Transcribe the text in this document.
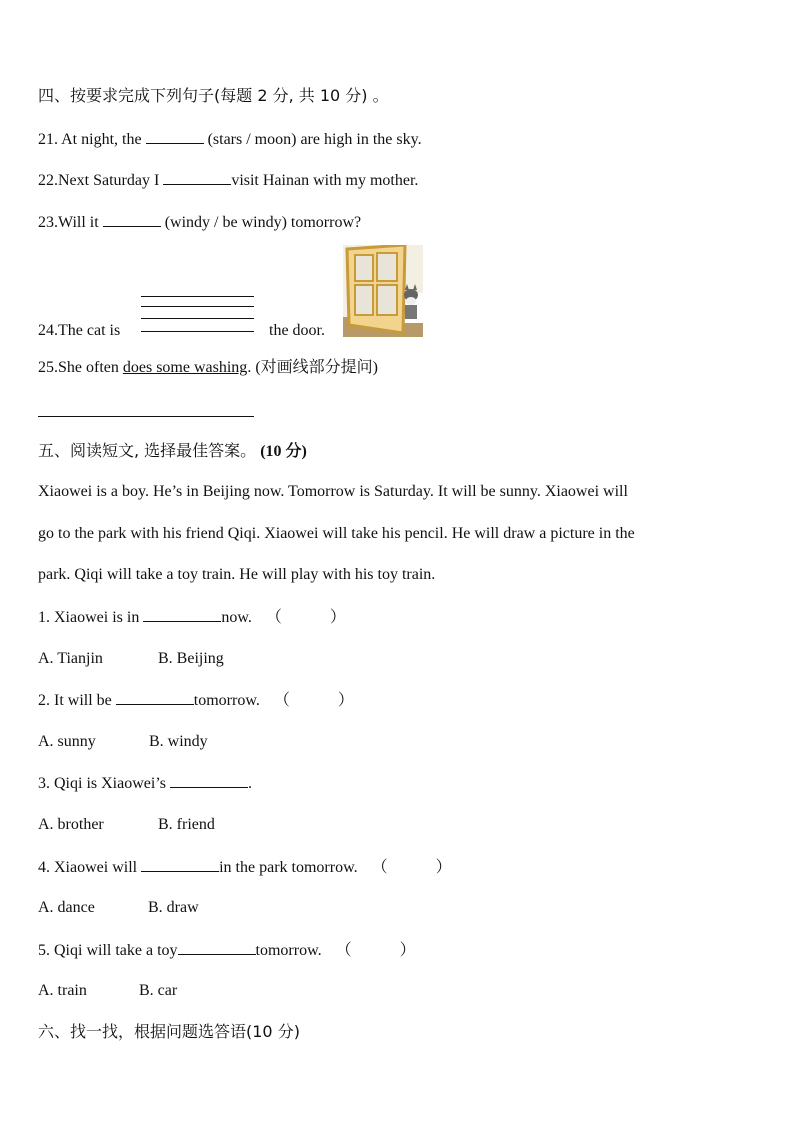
四、按要求完成下列句子(每题 2 分, 共 10 分) 。
21. At night, the	(stars / moon) are high in the sky.
22.Next Saturday I	visit Hainan with my mother.
23.Will it	(windy / be windy) tomorrow?
24.The cat is	the door.
25.She often does some washing. (对画线部分提问)
五、阅读短文, 选择最佳答案。 (10 分)
Xiaowei is a boy. He’s in Beijing now. Tomorrow is Saturday. It will be sunny. Xiaowei will
go to the park with his friend Qiqi. Xiaowei will take his pencil. He will draw a picture in the
park. Qiqi will take a toy train. He will play with his toy train.
1. Xiaowei is in	now. （　　　）
A. Tianjin	B. Beijing
2. It will be	tomorrow. （　　　）
A. sunny	B. windy
3. Qiqi is Xiaowei’s	.
A. brother	B. friend
4. Xiaowei will	in the park tomorrow. （　　　）
A. dance	B. draw
5. Qiqi will take a toy	tomorrow. （　　　）
A. train	B. car
六、找一找，根据问题选答语(10 分)
